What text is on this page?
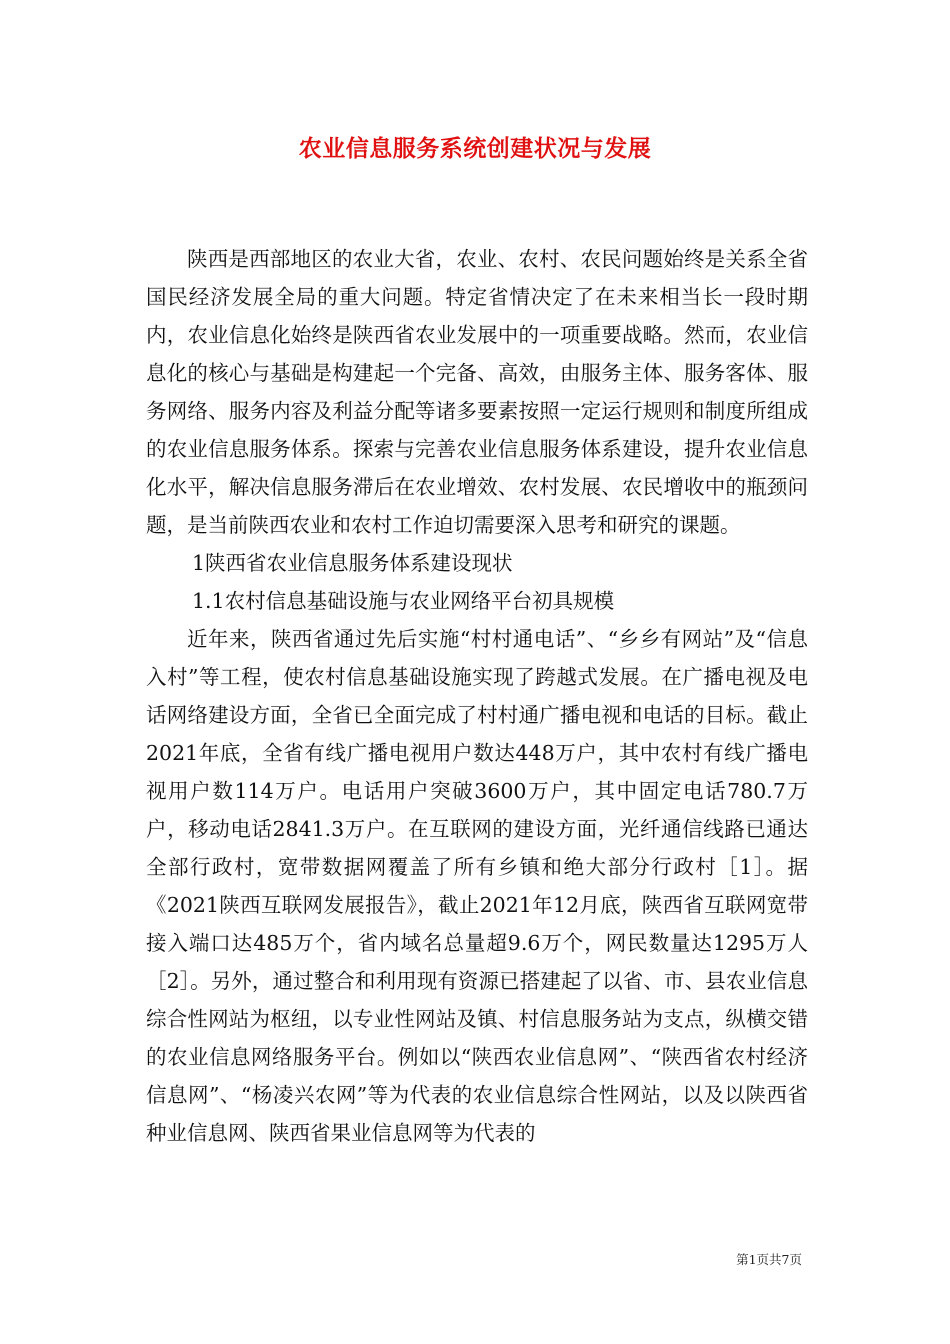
农业信息服务系统创建状况与发展

陕西是西部地区的农业大省，农业、农村、农民问题始终是关系全省国民经济发展全局的重大问题。特定省情决定了在未来相当长一段时期内，农业信息化始终是陕西省农业发展中的一项重要战略。然而，农业信息化的核心与基础是构建起一个完备、高效，由服务主体、服务客体、服务网络、服务内容及利益分配等诸多要素按照一定运行规则和制度所组成的农业信息服务体系。探索与完善农业信息服务体系建设，提升农业信息化水平，解决信息服务滞后在农业增效、农村发展、农民增收中的瓶颈问题，是当前陕西农业和农村工作迫切需要深入思考和研究的课题。

1陕西省农业信息服务体系建设现状

1.1农村信息基础设施与农业网络平台初具规模

近年来，陕西省通过先后实施“村村通电话”、“乡乡有网站”及“信息入村”等工程，使农村信息基础设施实现了跨越式发展。在广播电视及电话网络建设方面，全省已全面完成了村村通广播电视和电话的目标。截止2021年底，全省有线广播电视用户数达448万户，其中农村有线广播电视用户数114万户。电话用户突破3600万户，其中固定电话780.7万户，移动电话2841.3万户。在互联网的建设方面，光纤通信线路已通达全部行政村，宽带数据网覆盖了所有乡镇和绝大部分行政村［1］。据《2021陕西互联网发展报告》，截止2021年12月底，陕西省互联网宽带接入端口达485万个，省内域名总量超9.6万个，网民数量达1295万人［2］。另外，通过整合和利用现有资源已搭建起了以省、市、县农业信息综合性网站为枢纽，以专业性网站及镇、村信息服务站为支点，纵横交错的农业信息网络服务平台。例如以“陕西农业信息网”、“陕西省农村经济信息网”、“杨凌兴农网”等为代表的农业信息综合性网站，以及以陕西省种业信息网、陕西省果业信息网等为代表的

第1页共7页
